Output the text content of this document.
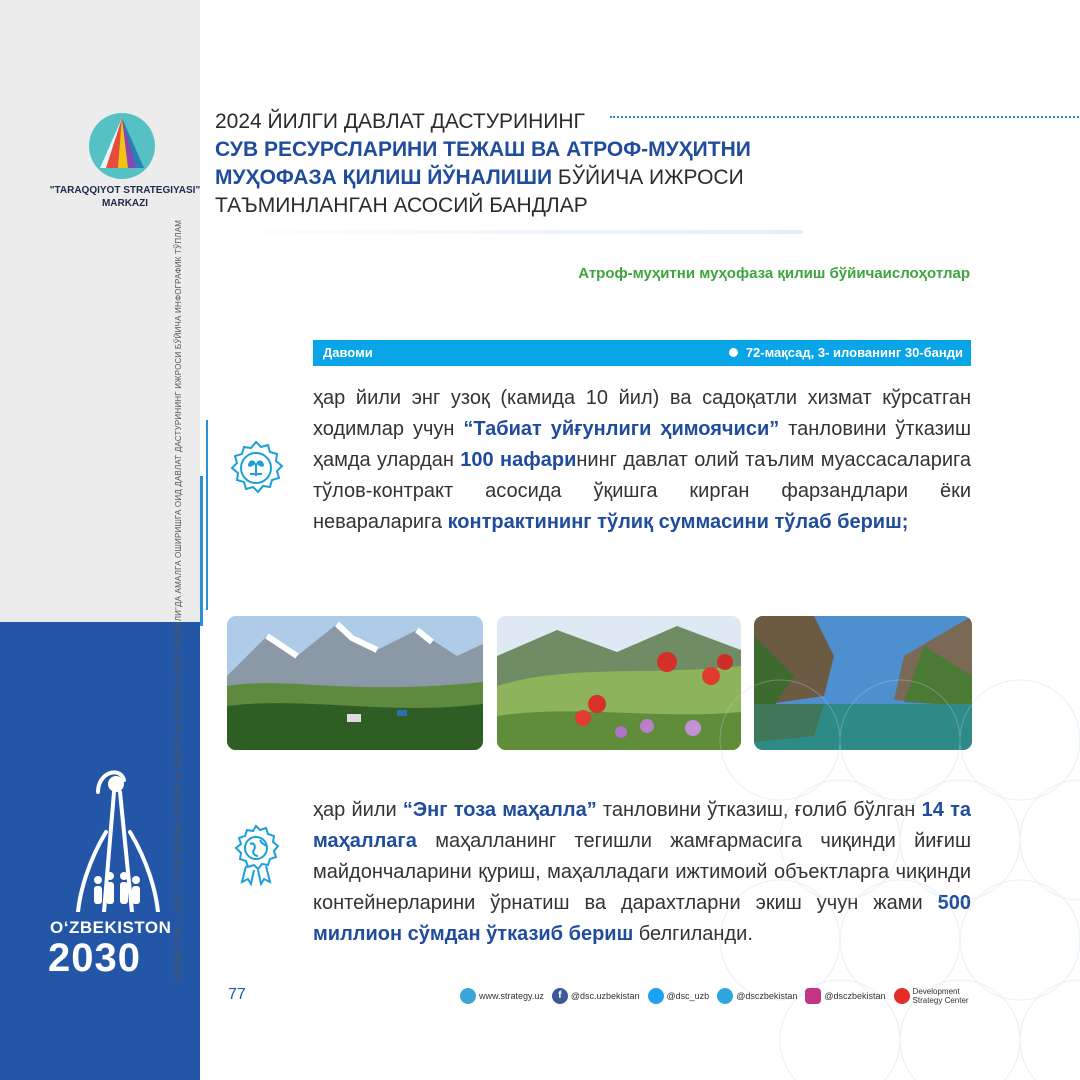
"TARAQQIYOT STRATEGIYASI"
MARKAZI
“ЎЗБЕКИСТОН — 2030” СТРАТЕГИЯСИНИ “ЁШЛАР ВА БИЗНЕСНИ ҚЎЛЛАБ-ҚУВВАТЛАШ ЙИЛИ”ДА АМАЛГА ОШИРИШГА ОИД ДАВЛАТ ДАСТУРИНИНГ ИЖРОСИ БЎЙИЧА ИНФОГРАФИК ТЎПЛАМ
O‘ZBEKISTON
2030
2024 ЙИЛГИ ДАВЛАТ ДАСТУРИНИНГ
СУВ РЕСУРСЛАРИНИ ТЕЖАШ ВА АТРОФ-МУҲИТНИ
МУҲОФАЗА ҚИЛИШ ЙЎНАЛИШИ БЎЙИЧА ИЖРОСИ
ТАЪМИНЛАНГАН АСОСИЙ БАНДЛАР
Атроф-муҳитни муҳофаза қилиш бўйичаислоҳотлар
Давоми	72-мақсад, 3- илованинг 30-банди
ҳар йили энг узоқ (камида 10 йил) ва садоқатли хизмат кўрсатган ходимлар учун “Табиат уйғунлиги ҳимоячиси” танловини ўтказиш ҳамда улардан 100 нафарининг давлат олий таълим муассасаларига тўлов-контракт асосида ўқишга кирган фарзандлари ёки невараларига контрактининг тўлиқ суммасини тўлаб бериш;
ҳар йили “Энг тоза маҳалла” танловини ўтказиш, ғолиб бўлган 14 та маҳаллага маҳалланинг тегишли жамғармасига чиқинди йиғиш майдончаларини қуриш, маҳалладаги ижтимоий объектларга чиқинди контейнерларини ўрнатиш ва дарахтларни экиш учун жами 500 миллион сўмдан ўтказиб бериш белгиланди.
77	www.strategy.uz	f	@dsc.uzbekistan	@dsc_uzb	@dsczbekistan	@dsczbekistan	Development
Strategy Center
